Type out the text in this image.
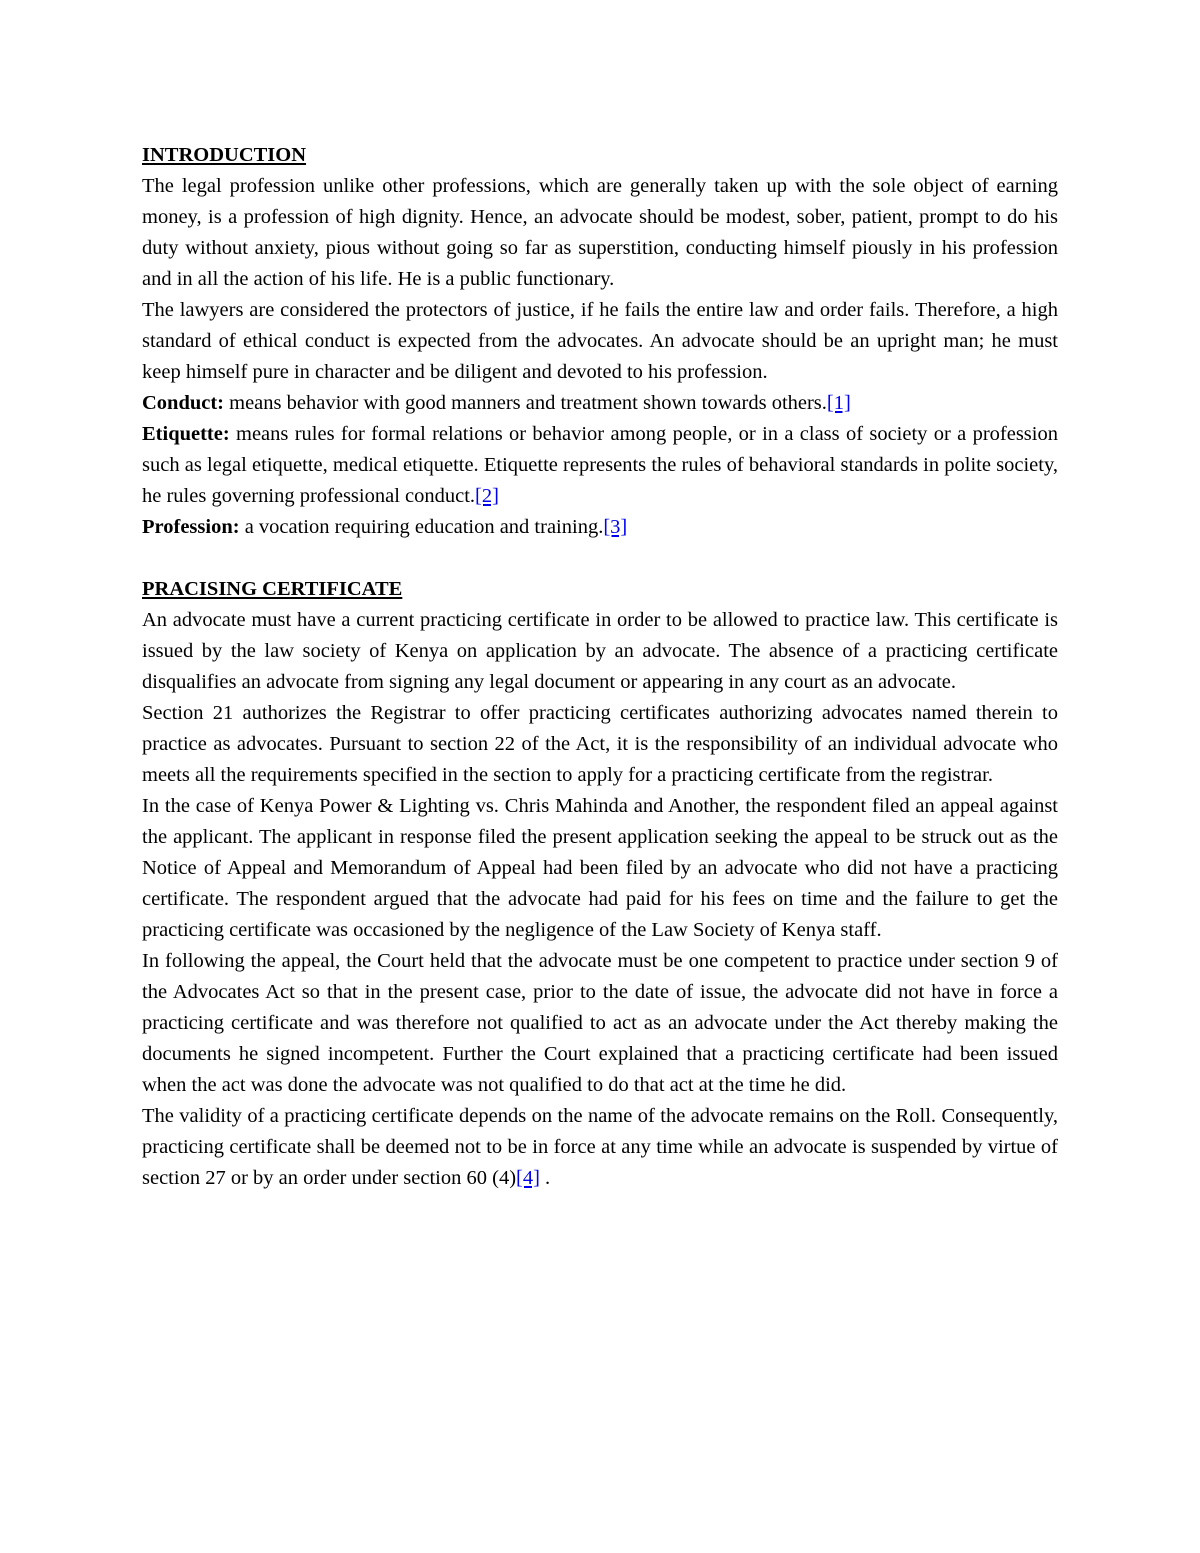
INTRODUCTION

The legal profession unlike other professions, which are generally taken up with the sole object of earning money, is a profession of high dignity. Hence, an advocate should be modest, sober, patient, prompt to do his duty without anxiety, pious without going so far as superstition, conducting himself piously in his profession and in all the action of his life. He is a public functionary.

The lawyers are considered the protectors of justice, if he fails the entire law and order fails. Therefore, a high standard of ethical conduct is expected from the advocates. An advocate should be an upright man; he must keep himself pure in character and be diligent and devoted to his profession.

Conduct: means behavior with good manners and treatment shown towards others.[1]

Etiquette: means rules for formal relations or behavior among people, or in a class of society or a profession such as legal etiquette, medical etiquette. Etiquette represents the rules of behavioral standards in polite society, he rules governing professional conduct.[2]

Profession: a vocation requiring education and training.[3]

PRACISING CERTIFICATE

An advocate must have a current practicing certificate in order to be allowed to practice law. This certificate is issued by the law society of Kenya on application by an advocate. The absence of a practicing certificate disqualifies an advocate from signing any legal document or appearing in any court as an advocate.

Section 21 authorizes the Registrar to offer practicing certificates authorizing advocates named therein to practice as advocates. Pursuant to section 22 of the Act, it is the responsibility of an individual advocate who meets all the requirements specified in the section to apply for a practicing certificate from the registrar.

In the case of Kenya Power & Lighting vs. Chris Mahinda and Another, the respondent filed an appeal against the applicant. The applicant in response filed the present application seeking the appeal to be struck out as the Notice of Appeal and Memorandum of Appeal had been filed by an advocate who did not have a practicing certificate. The respondent argued that the advocate had paid for his fees on time and the failure to get the practicing certificate was occasioned by the negligence of the Law Society of Kenya staff.

In following the appeal, the Court held that the advocate must be one competent to practice under section 9 of the Advocates Act so that in the present case, prior to the date of issue, the advocate did not have in force a practicing certificate and was therefore not qualified to act as an advocate under the Act thereby making the documents he signed incompetent. Further the Court explained that a practicing certificate had been issued when the act was done the advocate was not qualified to do that act at the time he did.

The validity of a practicing certificate depends on the name of the advocate remains on the Roll. Consequently, practicing certificate shall be deemed not to be in force at any time while an advocate is suspended by virtue of section 27 or by an order under section 60 (4)[4] .
